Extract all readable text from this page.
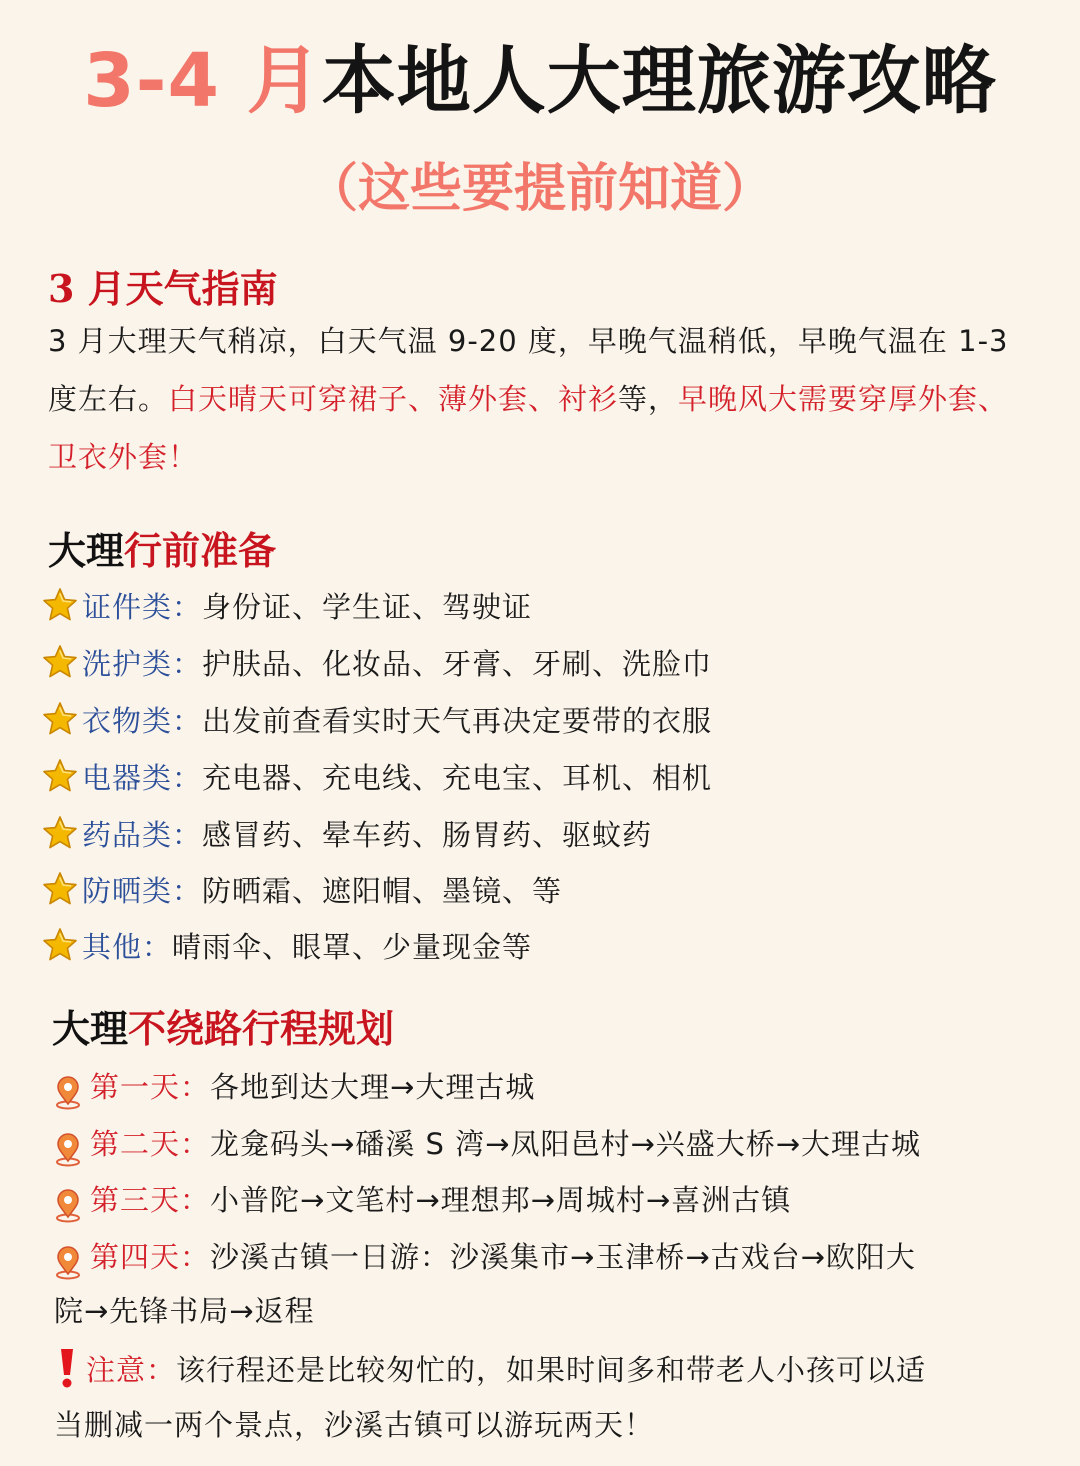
3-4 月本地人大理旅游攻略
（这些要提前知道）
3 月天气指南
3 月大理天气稍凉，白天气温 9-20 度，早晚气温稍低，早晚气温在 1-3 度左右。白天晴天可穿裙子、薄外套、衬衫等，早晚风大需要穿厚外套、卫衣外套！
大理行前准备
证件类： 身份证、学生证、驾驶证
洗护类： 护肤品、化妆品、牙膏、牙刷、洗脸巾
衣物类： 出发前查看实时天气再决定要带的衣服
电器类： 充电器、充电线、充电宝、耳机、相机
药品类： 感冒药、晕车药、肠胃药、驱蚊药
防晒类： 防晒霜、遮阳帽、墨镜、等
其他： 晴雨伞、眼罩、少量现金等
大理不绕路行程规划
第一天： 各地到达大理→大理古城
第二天： 龙龛码头→磻溪 S 湾→凤阳邑村→兴盛大桥→大理古城
第三天： 小普陀→文笔村→理想邦→周城村→喜洲古镇
第四天： 沙溪古镇一日游：沙溪集市→玉津桥→古戏台→欧阳大
院→先锋书局→返程
注意： 该行程还是比较匆忙的，如果时间多和带老人小孩可以适
当删减一两个景点，沙溪古镇可以游玩两天！
